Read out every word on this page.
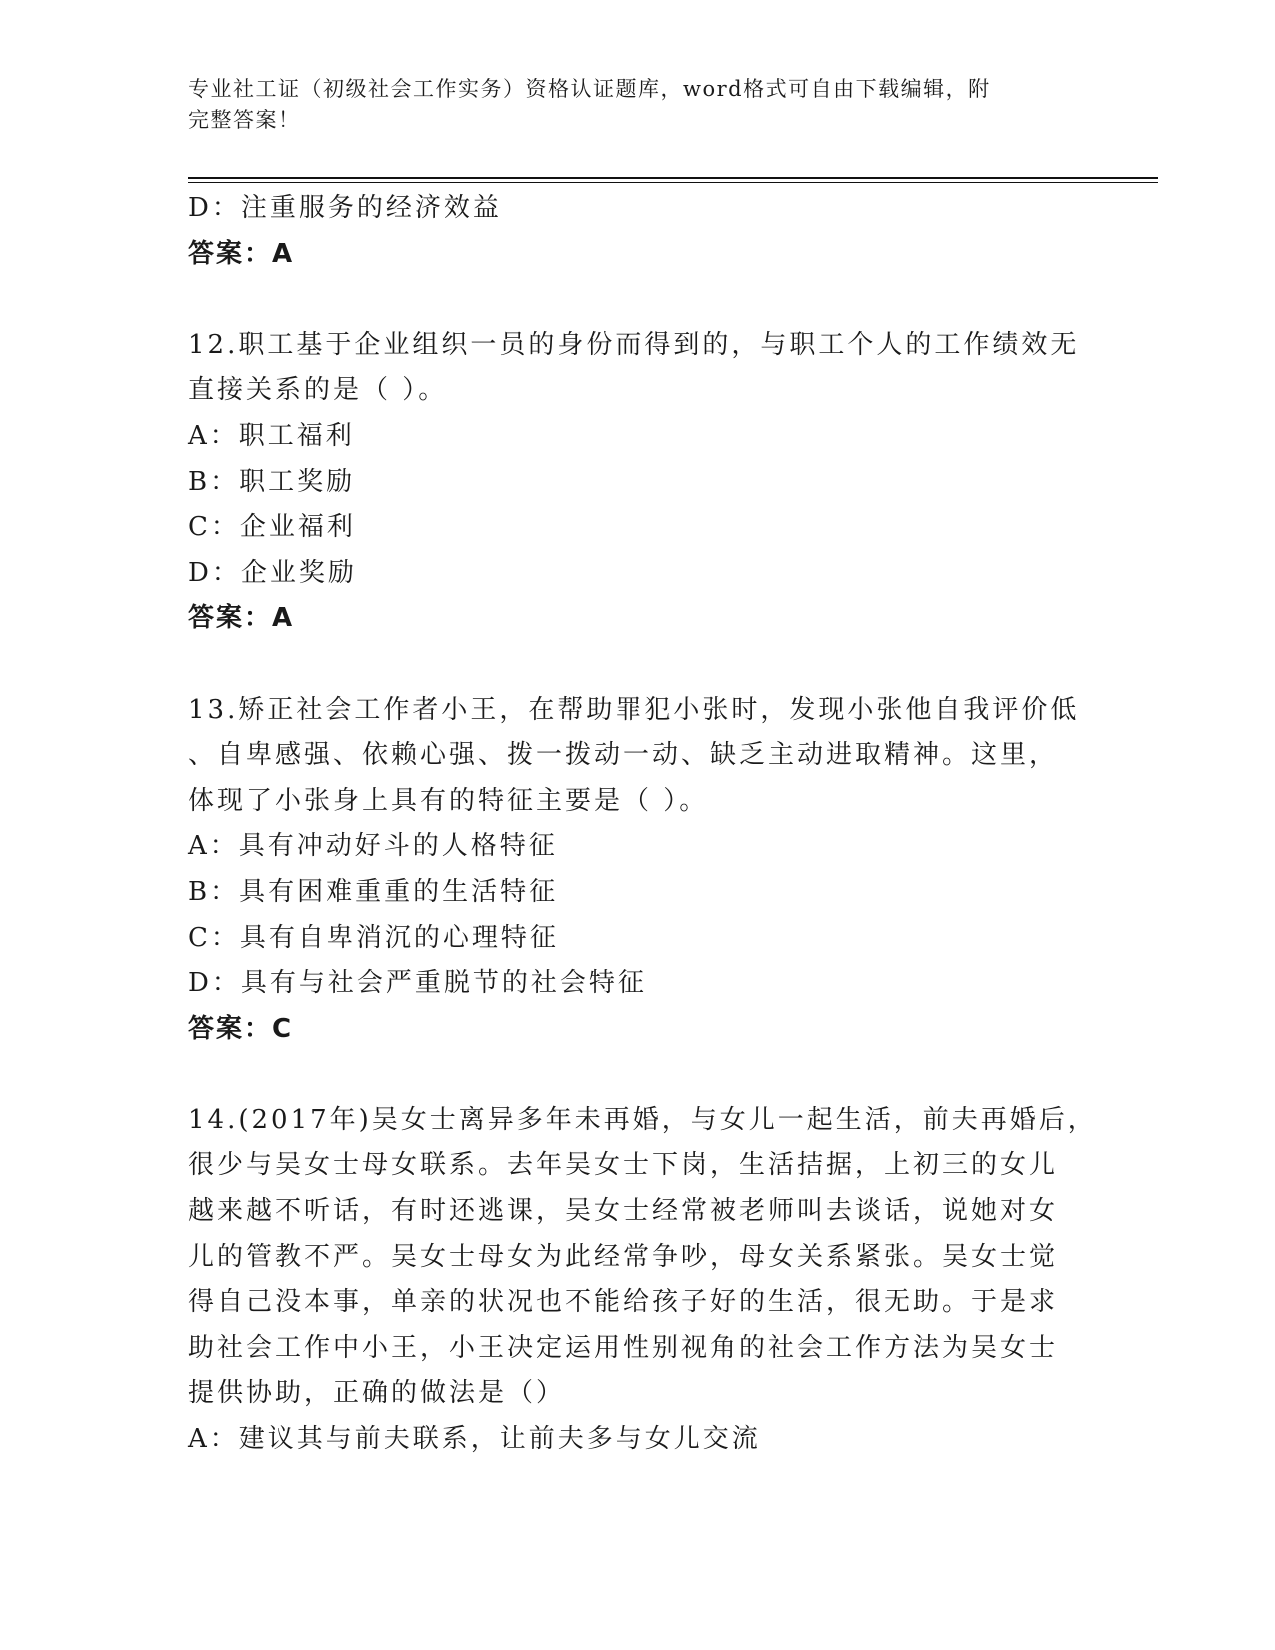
专业社工证（初级社会工作实务）资格认证题库，word格式可自由下载编辑，附
完整答案！
D：注重服务的经济效益
答案：A
12.职工基于企业组织一员的身份而得到的，与职工个人的工作绩效无
直接关系的是（ ）。
A：职工福利
B：职工奖励
C：企业福利
D：企业奖励
答案：A
13.矫正社会工作者小王，在帮助罪犯小张时，发现小张他自我评价低
、自卑感强、依赖心强、拨一拨动一动、缺乏主动进取精神。这里，
体现了小张身上具有的特征主要是（ ）。
A：具有冲动好斗的人格特征
B：具有困难重重的生活特征
C：具有自卑消沉的心理特征
D：具有与社会严重脱节的社会特征
答案：C
14.(2017年)吴女士离异多年未再婚，与女儿一起生活，前夫再婚后，
很少与吴女士母女联系。去年吴女士下岗，生活拮据，上初三的女儿
越来越不听话，有时还逃课，吴女士经常被老师叫去谈话，说她对女
儿的管教不严。吴女士母女为此经常争吵，母女关系紧张。吴女士觉
得自己没本事，单亲的状况也不能给孩子好的生活，很无助。于是求
助社会工作中小王，小王决定运用性别视角的社会工作方法为吴女士
提供协助，正确的做法是（）
A：建议其与前夫联系，让前夫多与女儿交流
